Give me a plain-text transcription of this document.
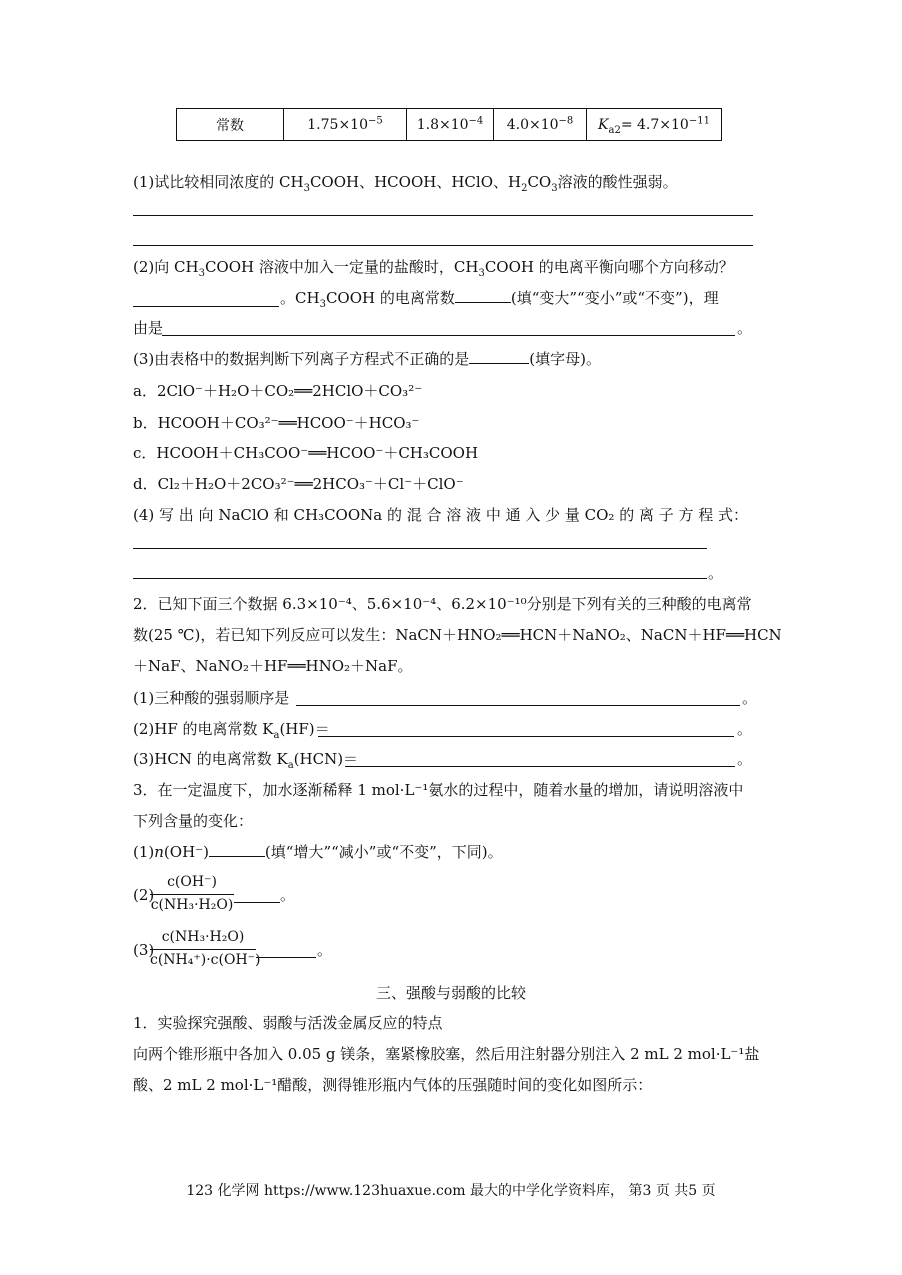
常数	$1.75\times 10^{-5}$	$1.8\times 10^{-4}$	$4.0\times 10^{-8}$	$K_{a2}= 4.7\times 10^{-11}$
(1)试比较相同浓度的 $CH_3COOH$、HCOOH、HClO、$H_2CO_3$溶液的酸性强弱。
(2)向 $CH_3COOH$ 溶液中加入一定量的盐酸时，$CH_3COOH$ 的电离平衡向哪个方向移动？
。$CH_3COOH$ 的电离常数	(填“变大”“变小”或“不变”)，理
由是	。
(3)由表格中的数据判断下列离子方程式不正确的是	(填字母)。
a．2ClO⁻＋H₂O＋CO₂══2HClO＋CO₃²⁻
b．HCOOH＋CO₃²⁻══HCOO⁻＋HCO₃⁻
c．HCOOH＋CH₃COO⁻══HCOO⁻＋CH₃COOH
d．Cl₂＋H₂O＋2CO₃²⁻══2HCO₃⁻＋Cl⁻＋ClO⁻
(4) 写 出 向 NaClO 和 CH₃COONa 的 混 合 溶 液 中 通 入 少 量 CO₂ 的 离 子 方 程 式：
。
2．已知下面三个数据 6.3×10⁻⁴、5.6×10⁻⁴、6.2×10⁻¹⁰分别是下列有关的三种酸的电离常
数(25 ℃)，若已知下列反应可以发生：NaCN＋HNO₂══HCN＋NaNO₂、NaCN＋HF══HCN
＋NaF、NaNO₂＋HF══HNO₂＋NaF。
(1)三种酸的强弱顺序是	。
(2)HF 的电离常数 $K_a(HF)=$	。
(3)HCN 的电离常数 $K_a(HCN)=$	。
3．在一定温度下，加水逐渐稀释 1 mol·L⁻¹氨水的过程中，随着水量的增加，请说明溶液中
下列含量的变化：
(1)n(OH⁻)	(填“增大”“减小”或“不变”，下同)。
(2)
c(OH⁻)
c(NH₃·H₂O)
。
(3)
c(NH₃·H₂O)
c(NH₄⁺)·c(OH⁻)
。
三、强酸与弱酸的比较
1．实验探究强酸、弱酸与活泼金属反应的特点
向两个锥形瓶中各加入 0.05 g 镁条，塞紧橡胶塞，然后用注射器分别注入 2 mL 2 mol·L⁻¹盐
酸、2 mL 2 mol·L⁻¹醋酸，测得锥形瓶内气体的压强随时间的变化如图所示：
123 化学网 https://www.123huaxue.com 最大的中学化学资料库， 第3 页 共5 页
